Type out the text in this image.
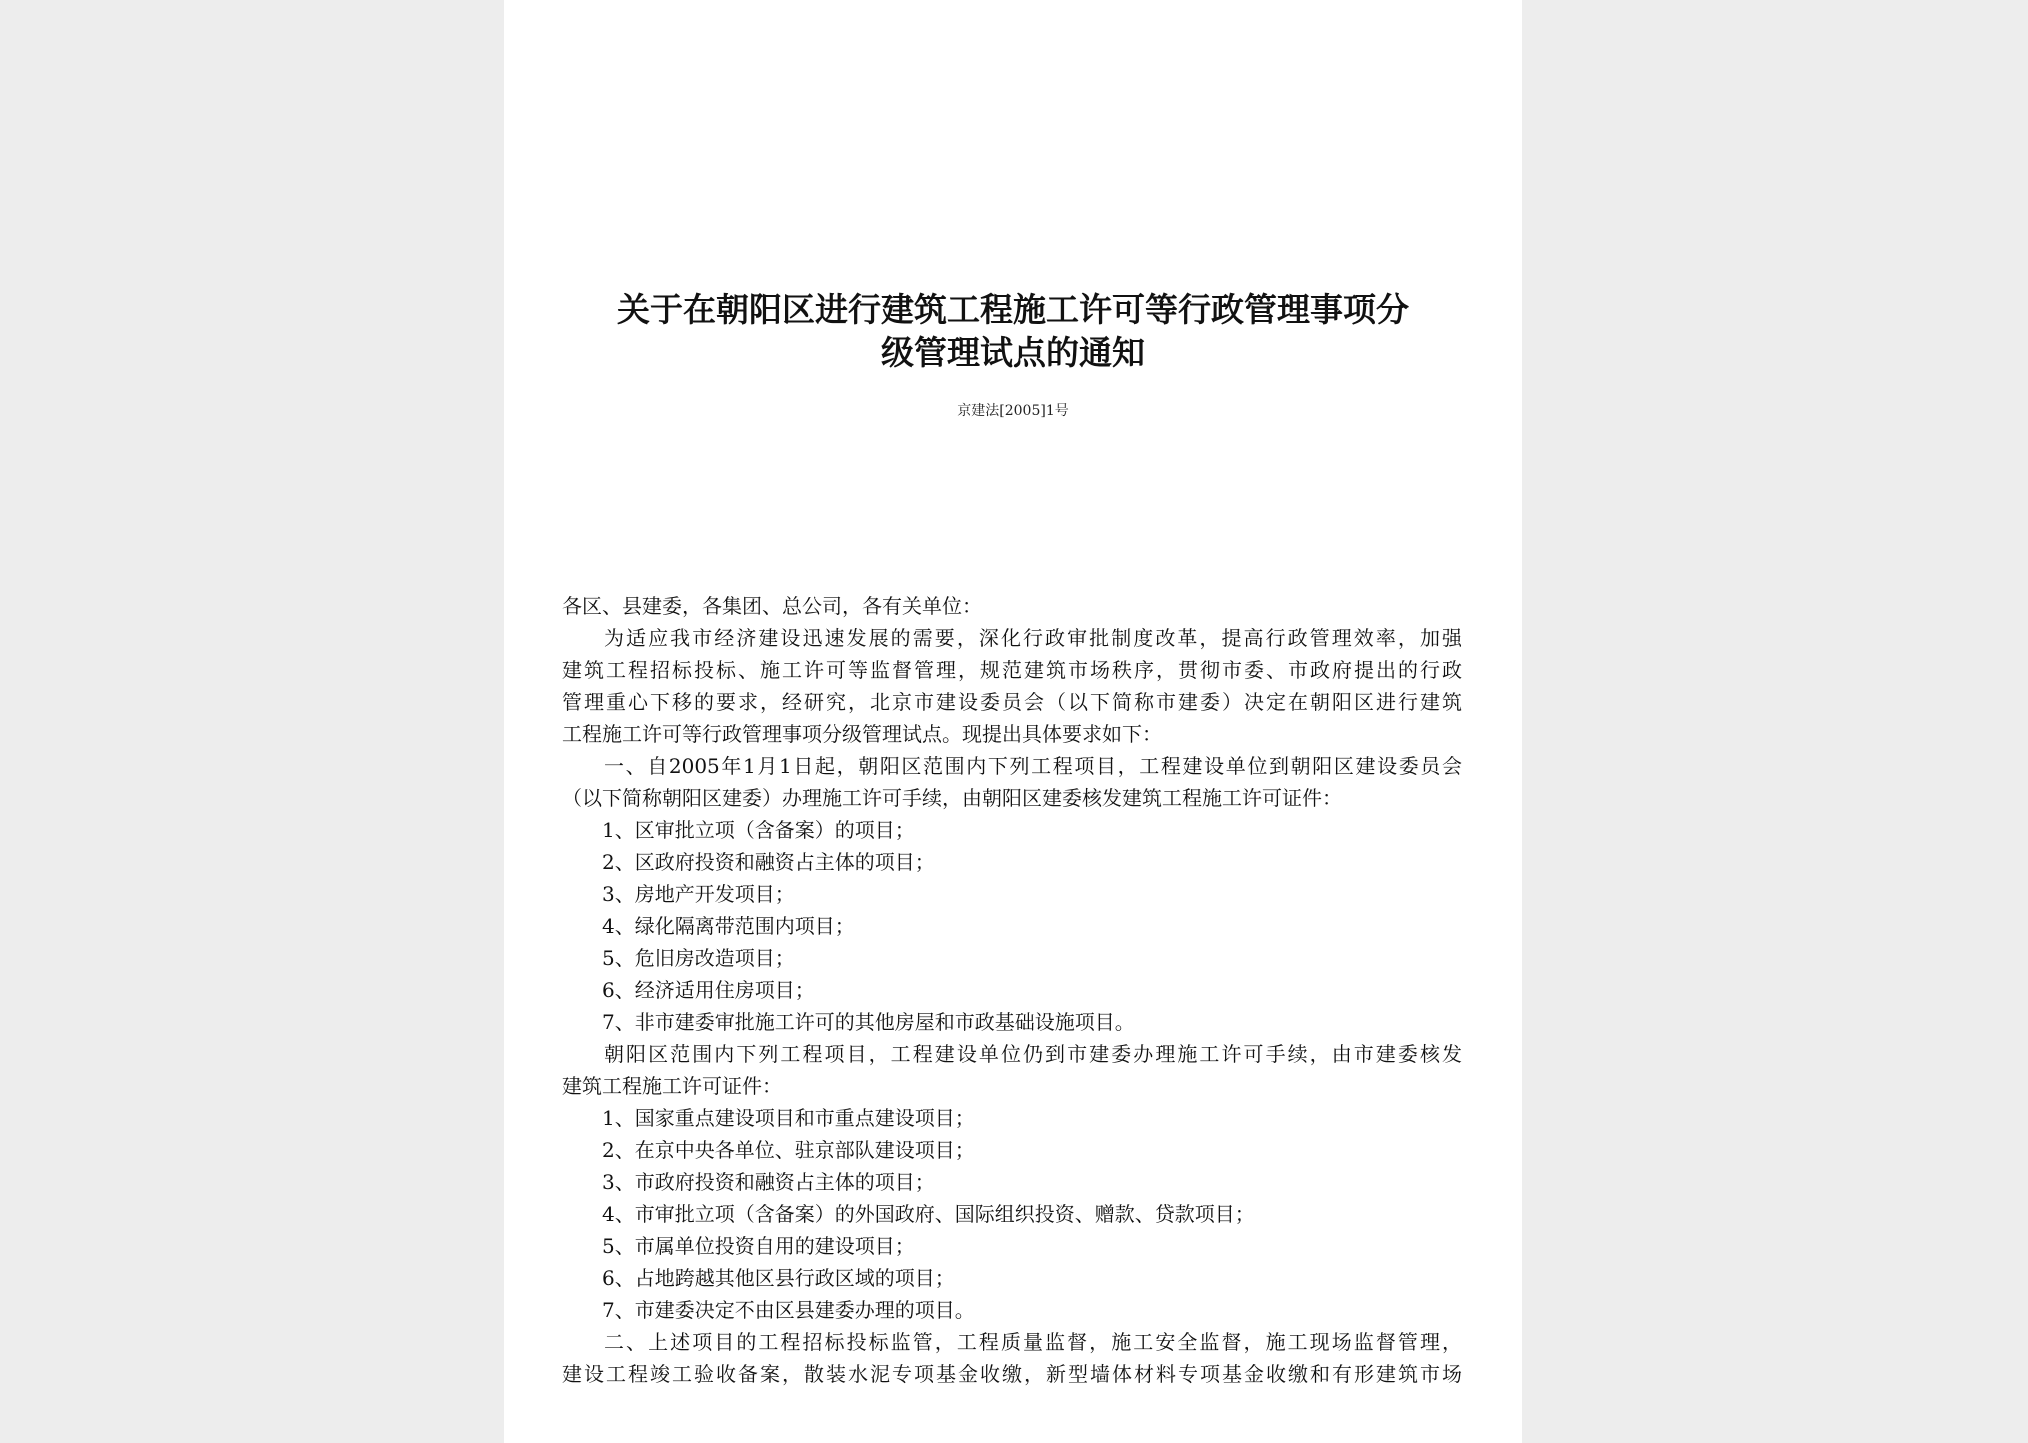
关于在朝阳区进行建筑工程施工许可等行政管理事项分
级管理试点的通知
京建法[2005]1号

各区、县建委，各集团、总公司，各有关单位：

为适应我市经济建设迅速发展的需要，深化行政审批制度改革，提高行政管理效率，加强

建筑工程招标投标、施工许可等监督管理，规范建筑市场秩序，贯彻市委、市政府提出的行政

管理重心下移的要求，经研究，北京市建设委员会（以下简称市建委）决定在朝阳区进行建筑

工程施工许可等行政管理事项分级管理试点。现提出具体要求如下：

一、自2005年1月1日起，朝阳区范围内下列工程项目，工程建设单位到朝阳区建设委员会

（以下简称朝阳区建委）办理施工许可手续，由朝阳区建委核发建筑工程施工许可证件：

1、区审批立项（含备案）的项目；

2、区政府投资和融资占主体的项目；

3、房地产开发项目；

4、绿化隔离带范围内项目；

5、危旧房改造项目；

6、经济适用住房项目；

7、非市建委审批施工许可的其他房屋和市政基础设施项目。

朝阳区范围内下列工程项目，工程建设单位仍到市建委办理施工许可手续，由市建委核发

建筑工程施工许可证件：

1、国家重点建设项目和市重点建设项目；

2、在京中央各单位、驻京部队建设项目；

3、市政府投资和融资占主体的项目；

4、市审批立项（含备案）的外国政府、国际组织投资、赠款、贷款项目；

5、市属单位投资自用的建设项目；

6、占地跨越其他区县行政区域的项目；

7、市建委决定不由区县建委办理的项目。

二、上述项目的工程招标投标监管，工程质量监督，施工安全监督，施工现场监督管理，

建设工程竣工验收备案，散装水泥专项基金收缴，新型墙体材料专项基金收缴和有形建筑市场
